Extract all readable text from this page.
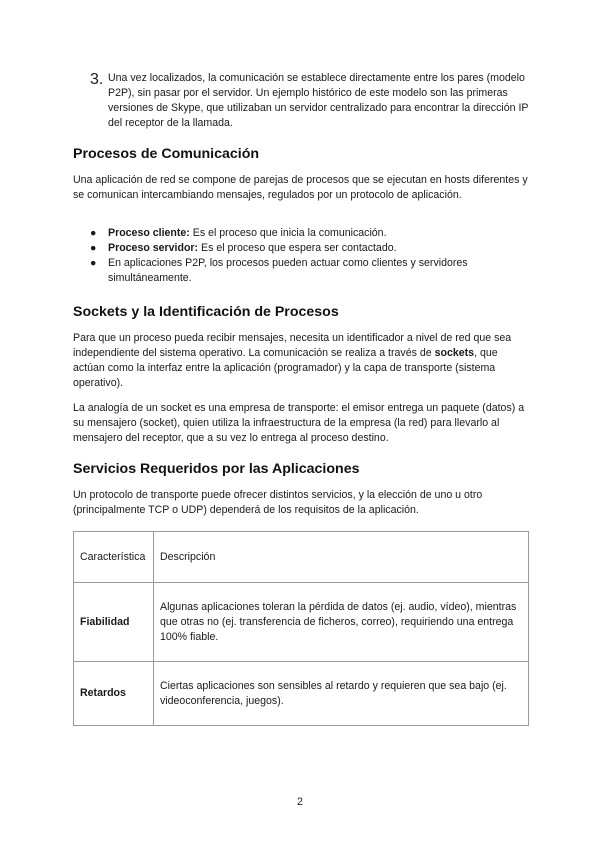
3. Una vez localizados, la comunicación se establece directamente entre los pares (modelo P2P), sin pasar por el servidor. Un ejemplo histórico de este modelo son las primeras versiones de Skype, que utilizaban un servidor centralizado para encontrar la dirección IP del receptor de la llamada.

Procesos de Comunicación

Una aplicación de red se compone de parejas de procesos que se ejecutan en hosts diferentes y se comunican intercambiando mensajes, regulados por un protocolo de aplicación.

● Proceso cliente: Es el proceso que inicia la comunicación.
● Proceso servidor: Es el proceso que espera ser contactado.
● En aplicaciones P2P, los procesos pueden actuar como clientes y servidores simultáneamente.
Sockets y la Identificación de Procesos

Para que un proceso pueda recibir mensajes, necesita un identificador a nivel de red que sea independiente del sistema operativo. La comunicación se realiza a través de sockets, que actúan como la interfaz entre la aplicación (programador) y la capa de transporte (sistema operativo).

La analogía de un socket es una empresa de transporte: el emisor entrega un paquete (datos) a su mensajero (socket), quien utiliza la infraestructura de la empresa (la red) para llevarlo al mensajero del receptor, que a su vez lo entrega al proceso destino.

Servicios Requeridos por las Aplicaciones

Un protocolo de transporte puede ofrecer distintos servicios, y la elección de uno u otro (principalmente TCP o UDP) dependerá de los requisitos de la aplicación.

Característica	Descripción
Fiabilidad	Algunas aplicaciones toleran la pérdida de datos (ej. audio, vídeo), mientras que otras no (ej. transferencia de ficheros, correo), requiriendo una entrega 100% fiable.
Retardos	Ciertas aplicaciones son sensibles al retardo y requieren que sea bajo (ej. videoconferencia, juegos).
2
